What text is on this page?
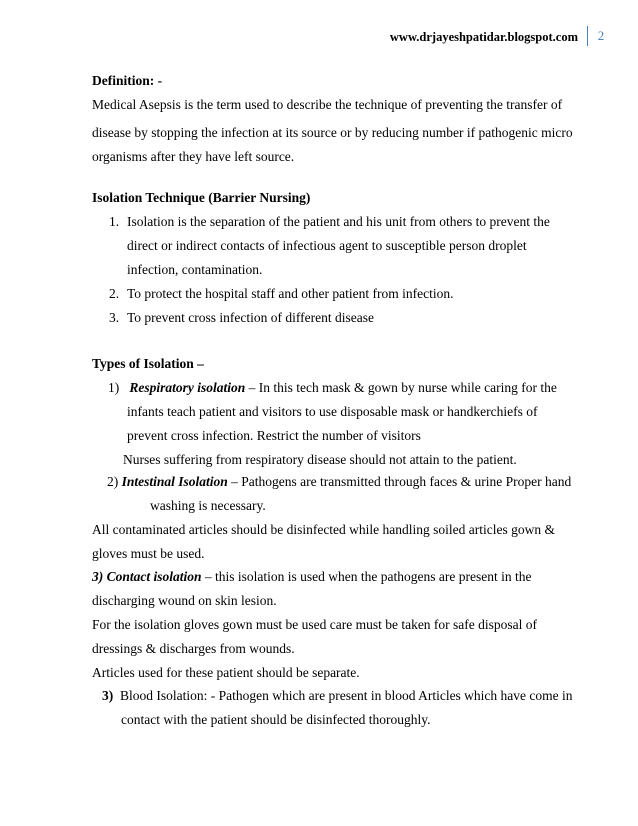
www.drjayeshpatidar.blogspot.com	2
Definition: -
Medical Asepsis is the term used to describe the technique of preventing the transfer of
disease by stopping the infection at its source or by reducing number if pathogenic micro
organisms after they have left source.
Isolation Technique (Barrier Nursing)
1. Isolation is the separation of the patient and his unit from others to prevent the
direct or indirect contacts of infectious agent to susceptible person droplet
infection, contamination.
2. To protect the hospital staff and other patient from infection.
3. To prevent cross infection of different disease
Types of Isolation –
1) Respiratory isolation – In this tech mask & gown by nurse while caring for the
infants teach patient and visitors to use disposable mask or handkerchiefs of
prevent cross infection. Restrict the number of visitors
Nurses suffering from respiratory disease should not attain to the patient.
2) Intestinal Isolation – Pathogens are transmitted through faces & urine Proper hand
washing is necessary.
All contaminated articles should be disinfected while handling soiled articles gown &
gloves must be used.
3) Contact isolation – this isolation is used when the pathogens are present in the
discharging wound on skin lesion.
For the isolation gloves gown must be used care must be taken for safe disposal of
dressings & discharges from wounds.
Articles used for these patient should be separate.
3) Blood Isolation: - Pathogen which are present in blood Articles which have come in
contact with the patient should be disinfected thoroughly.
